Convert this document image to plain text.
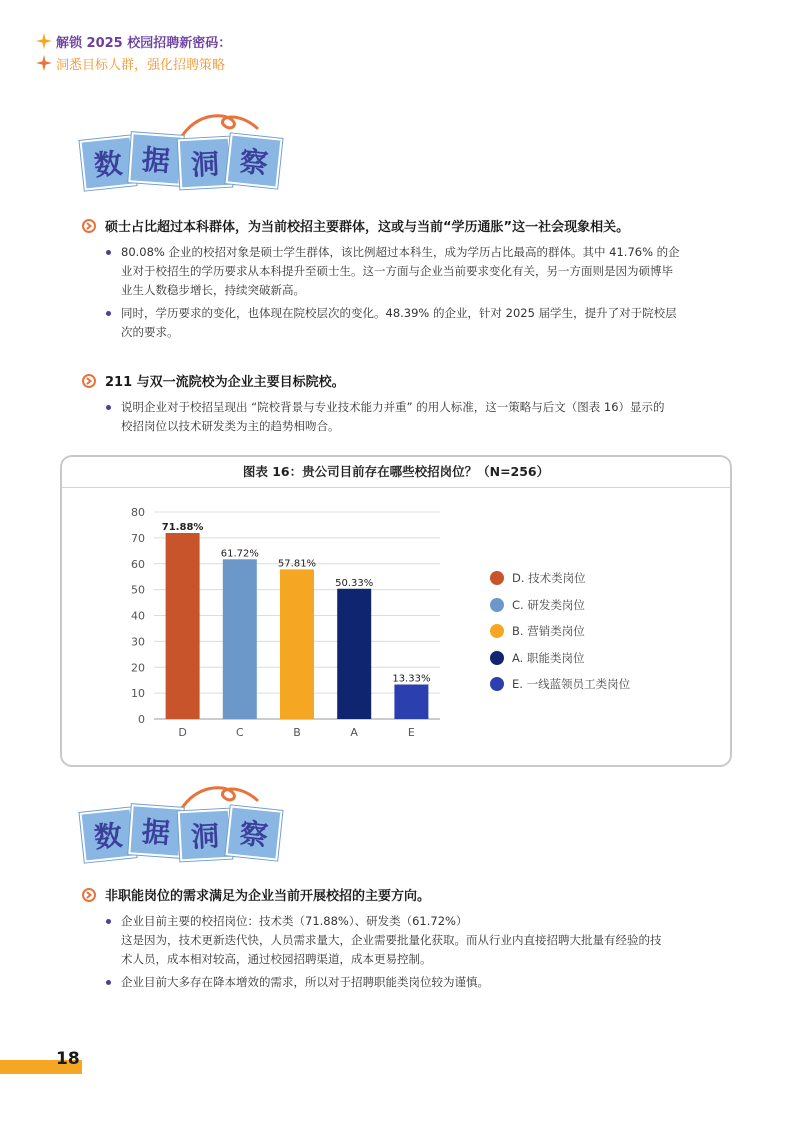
解锁 2025 校园招聘新密码：
洞悉目标人群，强化招聘策略
数 据 洞 察
硕士占比超过本科群体，为当前校招主要群体，这或与当前“学历通胀”这一社会现象相关。
80.08% 企业的校招对象是硕士学生群体，该比例超过本科生，成为学历占比最高的群体。其中 41.76% 的企
业对于校招生的学历要求从本科提升至硕士生。这一方面与企业当前要求变化有关，另一方面则是因为硕博毕
业生人数稳步增长，持续突破新高。
同时，学历要求的变化，也体现在院校层次的变化。48.39% 的企业，针对 2025 届学生，提升了对于院校层
次的要求。
211 与双一流院校为企业主要目标院校。
说明企业对于校招呈现出 “院校背景与专业技术能力并重” 的用人标准，这一策略与后文（图表 16）显示的
校招岗位以技术研发类为主的趋势相吻合。
图表 16：贵公司目前存在哪些校招岗位？（N=256）
0
10
20
30
40
50
60
70
80
71.88%
D
61.72%
C
57.81%
B
50.33%
A
13.33%
E
D. 技术类岗位
C. 研发类岗位
B. 营销类岗位
A. 职能类岗位
E. 一线蓝领员工类岗位
数 据 洞 察
非职能岗位的需求满足为企业当前开展校招的主要方向。
企业目前主要的校招岗位：技术类（71.88%）、研发类（61.72%）
这是因为，技术更新迭代快，人员需求量大，企业需要批量化获取。而从行业内直接招聘大批量有经验的技
术人员，成本相对较高，通过校园招聘渠道，成本更易控制。
企业目前大多存在降本增效的需求，所以对于招聘职能类岗位较为谨慎。
18
